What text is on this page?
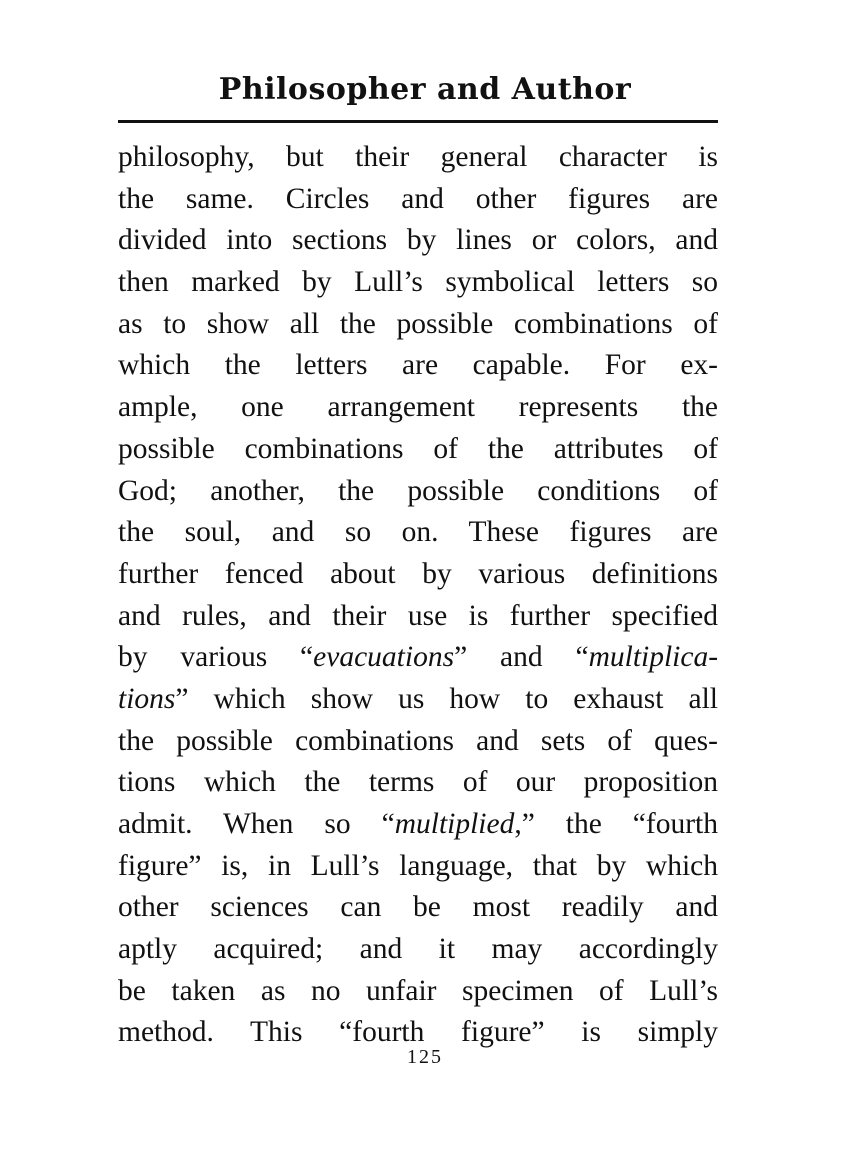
Philosopher and Author
philosophy, but their general character is
the same. Circles and other figures are
divided into sections by lines or colors, and
then marked by Lull’s symbolical letters so
as to show all the possible combinations of
which the letters are capable. For ex-
ample, one arrangement represents the
possible combinations of the attributes of
God; another, the possible conditions of
the soul, and so on. These figures are
further fenced about by various definitions
and rules, and their use is further specified
by various “evacuations” and “multiplica-
tions” which show us how to exhaust all
the possible combinations and sets of ques-
tions which the terms of our proposition
admit. When so “multiplied,” the “fourth
figure” is, in Lull’s language, that by which
other sciences can be most readily and
aptly acquired; and it may accordingly
be taken as no unfair specimen of Lull’s
method. This “fourth figure” is simply
125
